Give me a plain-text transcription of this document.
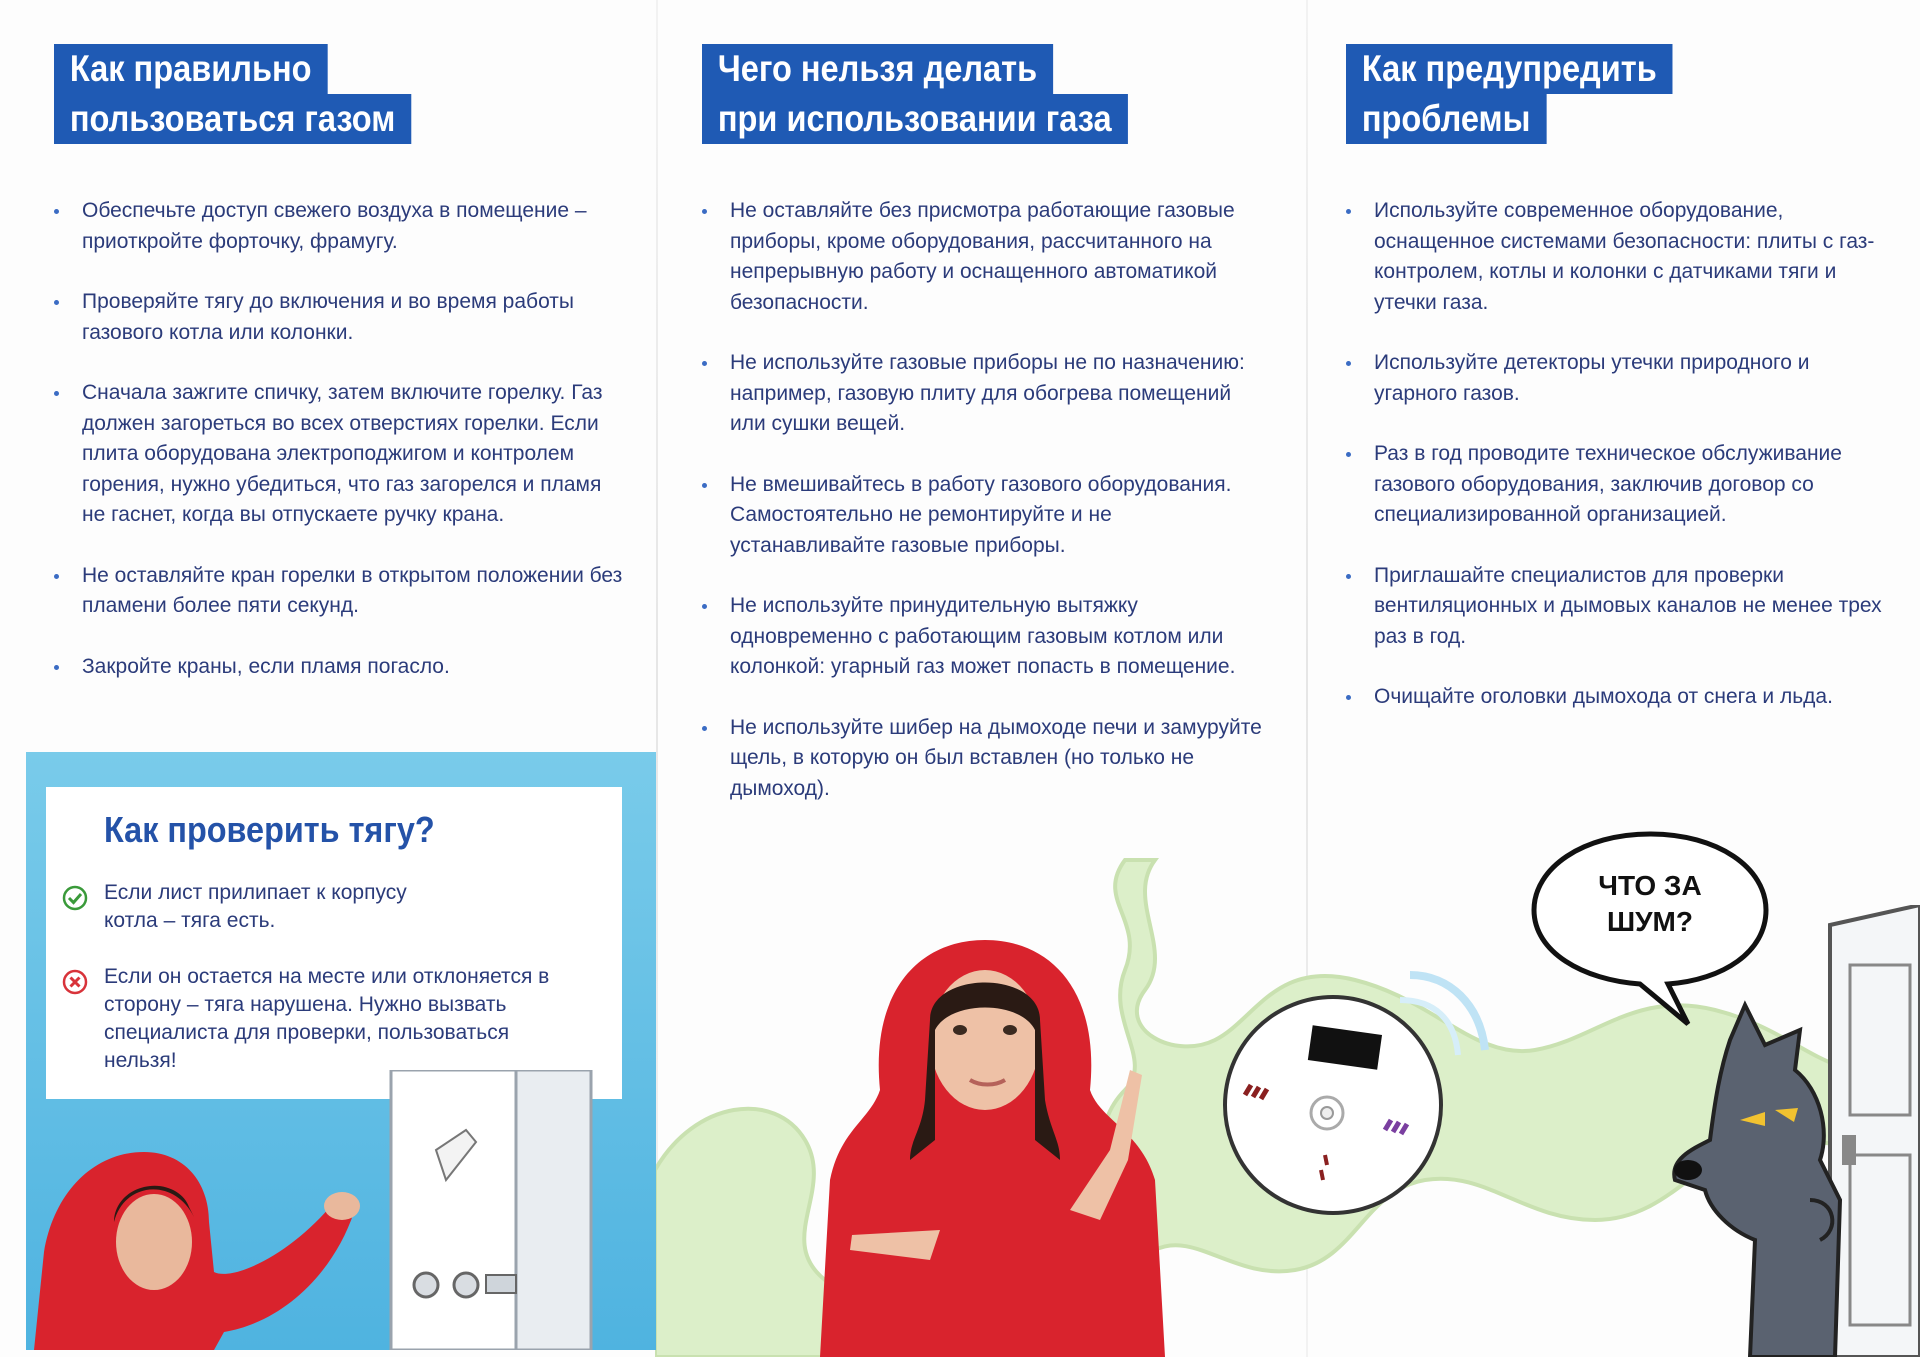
Как правильно
пользоваться газом
Обеспечьте доступ свежего воздуха в помещение – приоткройте форточку, фрамугу.
Проверяйте тягу до включения и во время работы газового котла или колонки.
Сначала зажгите спичку, затем включите горелку. Газ должен загореться во всех отверстиях горелки. Если плита оборудована электроподжигом и контролем горения, нужно убедиться, что газ загорелся и пламя не гаснет, когда вы отпускаете ручку крана.
Не оставляйте кран горелки в открытом положении без пламени более пяти секунд.
Закройте краны, если пламя погасло.
Как проверить тягу?
Если лист прилипает к корпусу котла – тяга есть.
Если он остается на месте или отклоняется в сторону – тяга нарушена. Нужно вызвать специалиста для проверки, пользоваться нельзя!
Чего нельзя делать
при использовании газа
Не оставляйте без присмотра работающие газовые приборы, кроме оборудования, рассчитанного на непрерывную работу и оснащенного автоматикой безопасности.
Не используйте газовые приборы не по назначению: например, газовую плиту для обогрева помещений или сушки вещей.
Не вмешивайтесь в работу газового оборудования. Самостоятельно не ремонтируйте и не устанавливайте газовые приборы.
Не используйте принудительную вытяжку одновременно с работающим газовым котлом или колонкой: угарный газ может попасть в помещение.
Не используйте шибер на дымоходе печи и замуруйте щель, в которую он был вставлен (но только не дымоход).
Как предупредить
проблемы
Используйте современное оборудование, оснащенное системами безопасности: плиты с газ-контролем, котлы и колонки с датчиками тяги и утечки газа.
Используйте детекторы утечки природного и угарного газов.
Раз в год проводите техническое обслуживание газового оборудования, заключив договор со специализированной организацией.
Приглашайте специалистов для проверки вентиляционных и дымовых каналов не менее трех раз в год.
Очищайте оголовки дымохода от снега и льда.
ЧТО ЗА
ШУМ?
